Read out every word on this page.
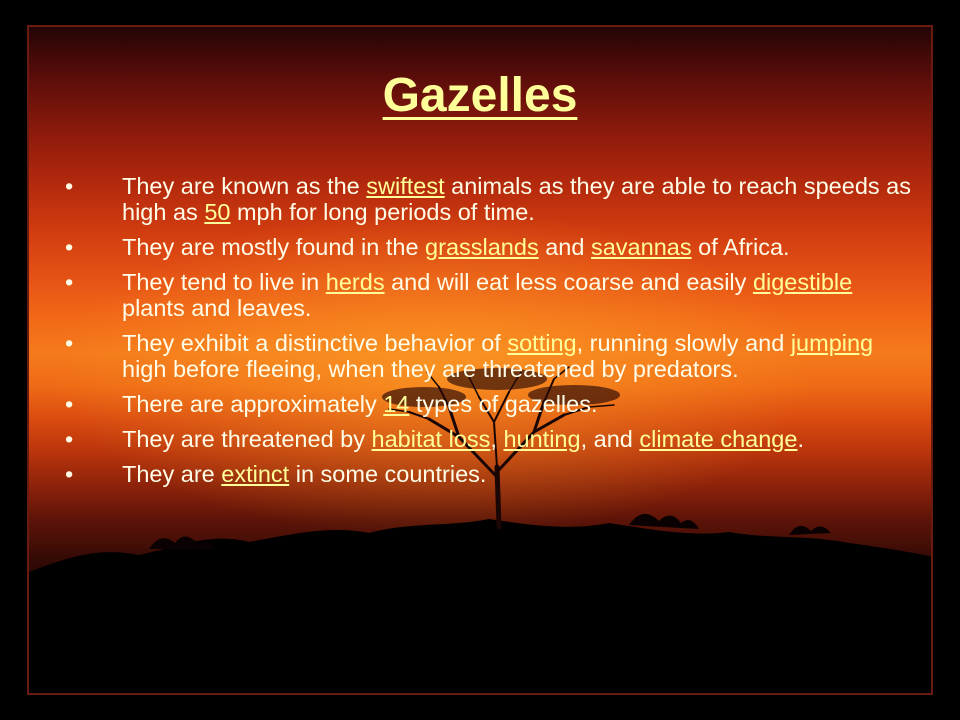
Gazelles
• They are known as the swiftest animals as they are able to reach speeds as high as 50 mph for long periods of time.
• They are mostly found in the grasslands and savannas of Africa.
• They tend to live in herds and will eat less coarse and easily digestible plants and leaves.
• They exhibit a distinctive behavior of sotting, running slowly and jumping high before fleeing, when they are threatened by predators.
• There are approximately 14 types of gazelles.
• They are threatened by habitat loss, hunting, and climate change.
• They are extinct in some countries.
